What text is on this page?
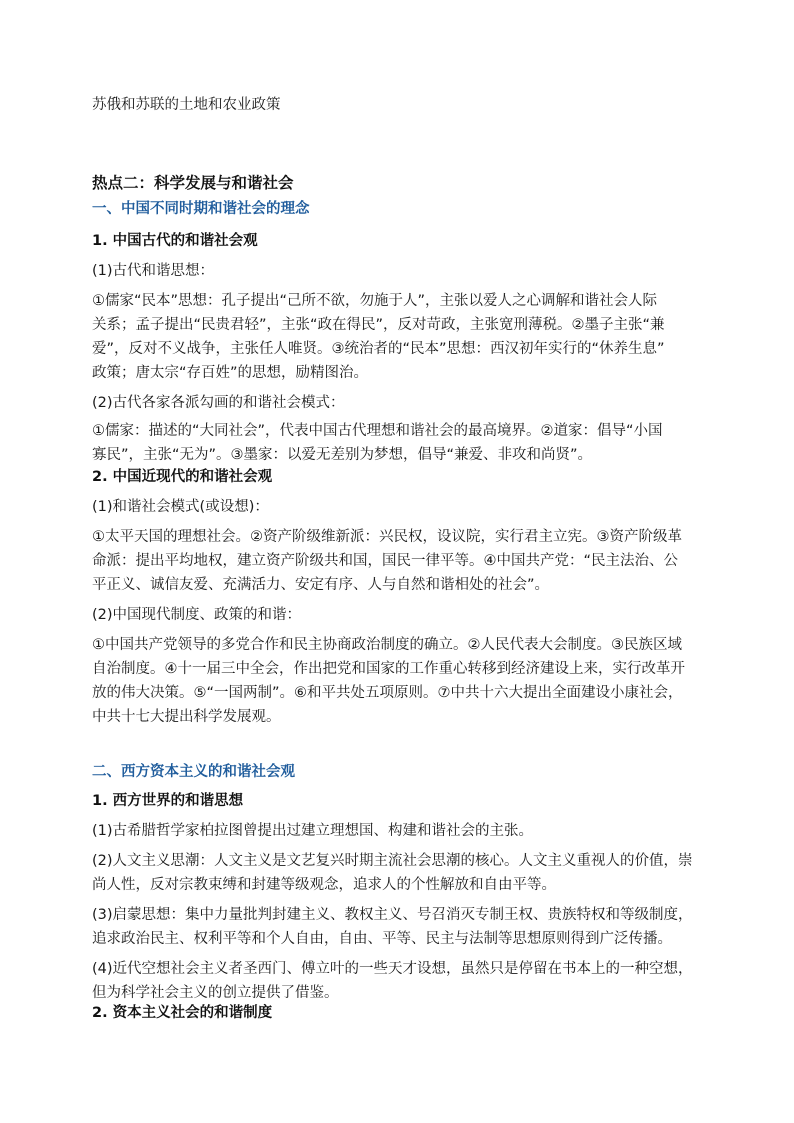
苏俄和苏联的土地和农业政策
热点二：科学发展与和谐社会
一、中国不同时期和谐社会的理念
1. 中国古代的和谐社会观
(1)古代和谐思想：
①儒家“民本”思想：孔子提出“己所不欲，勿施于人”，主张以爱人之心调解和谐社会人际
关系；孟子提出“民贵君轻”，主张“政在得民”，反对苛政，主张宽刑薄税。②墨子主张“兼
爱”，反对不义战争，主张任人唯贤。③统治者的“民本”思想：西汉初年实行的“休养生息”
政策；唐太宗“存百姓”的思想，励精图治。
(2)古代各家各派勾画的和谐社会模式：
①儒家：描述的“大同社会”，代表中国古代理想和谐社会的最高境界。②道家：倡导“小国
寡民”，主张“无为”。③墨家：以爱无差别为梦想，倡导“兼爱、非攻和尚贤”。
2. 中国近现代的和谐社会观
(1)和谐社会模式(或设想)：
①太平天国的理想社会。②资产阶级维新派：兴民权，设议院，实行君主立宪。③资产阶级革
命派：提出平均地权，建立资产阶级共和国，国民一律平等。④中国共产党：“民主法治、公
平正义、诚信友爱、充满活力、安定有序、人与自然和谐相处的社会”。
(2)中国现代制度、政策的和谐：
①中国共产党领导的多党合作和民主协商政治制度的确立。②人民代表大会制度。③民族区域
自治制度。④十一届三中全会，作出把党和国家的工作重心转移到经济建设上来，实行改革开
放的伟大决策。⑤“一国两制”。⑥和平共处五项原则。⑦中共十六大提出全面建设小康社会，
中共十七大提出科学发展观。
二、西方资本主义的和谐社会观
1. 西方世界的和谐思想
(1)古希腊哲学家柏拉图曾提出过建立理想国、构建和谐社会的主张。
(2)人文主义思潮：人文主义是文艺复兴时期主流社会思潮的核心。人文主义重视人的价值，崇
尚人性，反对宗教束缚和封建等级观念，追求人的个性解放和自由平等。
(3)启蒙思想：集中力量批判封建主义、教权主义、号召消灭专制王权、贵族特权和等级制度，
追求政治民主、权利平等和个人自由，自由、平等、民主与法制等思想原则得到广泛传播。
(4)近代空想社会主义者圣西门、傅立叶的一些天才设想，虽然只是停留在书本上的一种空想，
但为科学社会主义的创立提供了借鉴。
2. 资本主义社会的和谐制度
